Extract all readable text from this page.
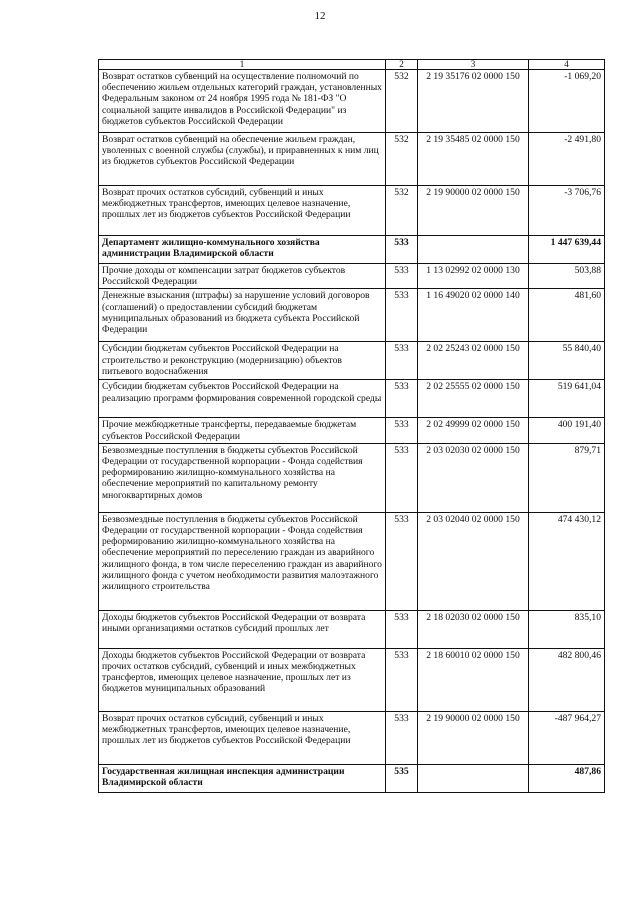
12
1	2	3	4
Возврат остатков субвенций на осуществление полномочий по обеспечению жильем отдельных категорий граждан, установленных Федеральным законом от 24 ноября 1995 года № 181-ФЗ "О социальной защите инвалидов в Российской Федерации" из бюджетов субъектов Российской Федерации	532	2 19 35176 02 0000 150	-1 069,20
Возврат остатков субвенций на обеспечение жильем граждан, уволенных с военной службы (службы), и приравненных к ним лиц из бюджетов субъектов Российской Федерации	532	2 19 35485 02 0000 150	-2 491,80
Возврат прочих остатков субсидий, субвенций и иных межбюджетных трансфертов, имеющих целевое назначение, прошлых лет из бюджетов субъектов Российской Федерации	532	2 19 90000 02 0000 150	-3 706,76
Департамент жилищно-коммунального хозяйства администрации Владимирской области	533		1 447 639,44
Прочие доходы от компенсации затрат бюджетов субъектов Российской Федерации	533	1 13 02992 02 0000 130	503,88
Денежные взыскания (штрафы) за нарушение условий договоров (соглашений) о предоставлении субсидий бюджетам муниципальных образований из бюджета субъекта Российской Федерации	533	1 16 49020 02 0000 140	481,60
Субсидии бюджетам субъектов Российской Федерации на строительство и реконструкцию (модернизацию) объектов питьевого водоснабжения	533	2 02 25243 02 0000 150	55 840,40
Субсидии бюджетам субъектов Российской Федерации на реализацию программ формирования современной городской среды	533	2 02 25555 02 0000 150	519 641,04
Прочие межбюджетные трансферты, передаваемые бюджетам субъектов Российской Федерации	533	2 02 49999 02 0000 150	400 191,40
Безвозмездные поступления в бюджеты субъектов Российской Федерации от государственной корпорации - Фонда содействия реформированию жилищно-коммунального хозяйства на обеспечение мероприятий по капитальному ремонту многоквартирных домов	533	2 03 02030 02 0000 150	879,71
Безвозмездные поступления в бюджеты субъектов Российской Федерации от государственной корпорации - Фонда содействия реформированию жилищно-коммунального хозяйства на обеспечение мероприятий по переселению граждан из аварийного жилищного фонда, в том числе переселению граждан из аварийного жилищного фонда с учетом необходимости развития малоэтажного жилищного строительства	533	2 03 02040 02 0000 150	474 430,12
Доходы бюджетов субъектов Российской Федерации от возврата иными организациями остатков субсидий прошлых лет	533	2 18 02030 02 0000 150	835,10
Доходы бюджетов субъектов Российской Федерации от возврата прочих остатков субсидий, субвенций и иных межбюджетных трансфертов, имеющих целевое назначение, прошлых лет из бюджетов муниципальных образований	533	2 18 60010 02 0000 150	482 800,46
Возврат прочих остатков субсидий, субвенций и иных межбюджетных трансфертов, имеющих целевое назначение, прошлых лет из бюджетов субъектов Российской Федерации	533	2 19 90000 02 0000 150	-487 964,27
Государственная жилищная инспекция администрации Владимирской области	535		487,86
